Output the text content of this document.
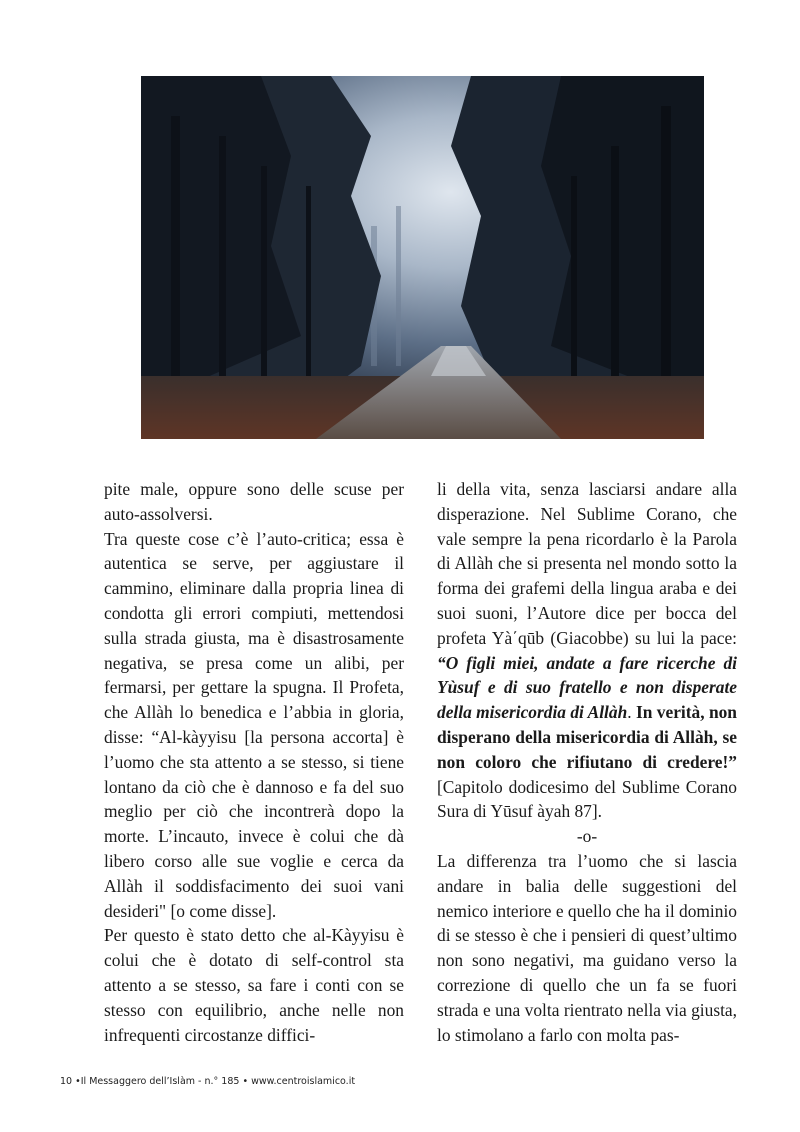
pite male, oppure sono delle scuse per auto-assolversi.

Tra queste cose c’è l’auto-critica; essa è autentica se serve, per aggiustare il cammino, eliminare dalla propria linea di condotta gli errori compiuti, mettendosi sulla strada giusta, ma è disastrosamente negativa, se presa come un alibi, per fermarsi, per gettare la spugna. Il Profeta, che Allàh lo benedica e l’abbia in gloria, disse: “Al-kàyyisu [la persona accorta] è l’uomo che sta attento a se stesso, si tiene lontano da ciò che è dannoso e fa del suo meglio per ciò che incontrerà dopo la morte. L’incauto, invece è colui che dà libero corso alle sue voglie e cerca da Allàh il soddisfacimento dei suoi vani desideri" [o come disse].

Per questo è stato detto che al-Kàyyisu è colui che è dotato di self-control sta attento a se stesso, sa fare i conti con se stesso con equilibrio, anche nelle non infrequenti circostanze diffici-

li della vita, senza lasciarsi andare alla disperazione. Nel Sublime Corano, che vale sempre la pena ricordarlo è la Parola di Allàh che si presenta nel mondo sotto la forma dei grafemi della lingua araba e dei suoi suoni, l’Autore dice per bocca del profeta Yà΄qūb (Giacobbe) su lui la pace: “O figli miei, andate a fare ricerche di Yùsuf e di suo fratello e non disperate della misericordia di Allàh. In verità, non disperano della misericordia di Allàh, se non coloro che rifiutano di credere!” [Capitolo dodicesimo del Sublime Corano Sura di Yūsuf àyah 87].

-o-

La differenza tra l’uomo che si lascia andare in balia delle suggestioni del nemico interiore e quello che ha il dominio di se stesso è che i pensieri di quest’ultimo non sono negativi, ma guidano verso la correzione di quello che un fa se fuori strada e una volta rientrato nella via giusta, lo stimolano a farlo con molta pas-

10 •Il Messaggero dell’Islàm - n.° 185 • www.centroislamico.it
